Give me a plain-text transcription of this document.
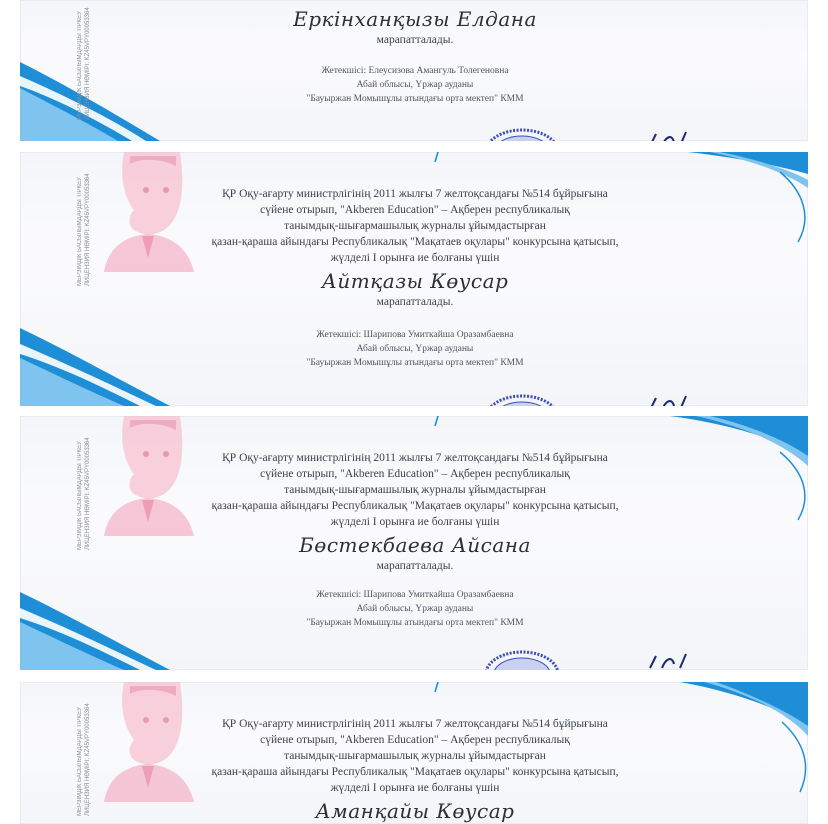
МЕРЗІМДІК БАСЫЛЫМДАРДЫ ТІРКЕУ ЛИЦЕНЗИЯ НӨМІРІ: KZ45VPY00053364	Еркінханқызы Елдана
марапатталады.
Жетекшісі: Елеусизова Амангуль Толегеновна
Абай облысы, Үржар ауданы
"Бауыржан Момышұлы атындағы орта мектеп" КММ
МЕРЗІМДІК БАСЫЛЫМДАРДЫ ТІРКЕУ ЛИЦЕНЗИЯ НӨМІРІ: KZ45VPY00053364	ҚР Оқу-ағарту министрлігінің 2011 жылғы 7 желтоқсандағы №514 бұйрығына
сүйене отырып, "Akberen Education" – Ақберен республикалық
танымдық-шығармашылық журналы ұйымдастырған
қазан-қараша айындағы Республикалық "Мақатаев оқулары" конкурсына қатысып,
жүлделі І орынға ие болғаны үшін
Айтқазы Көусар
марапатталады.
Жетекшісі: Шарипова Умиткайша Оразамбаевна
Абай облысы, Үржар ауданы
"Бауыржан Момышұлы атындағы орта мектеп" КММ
МЕРЗІМДІК БАСЫЛЫМДАРДЫ ТІРКЕУ ЛИЦЕНЗИЯ НӨМІРІ: KZ45VPY00053364	ҚР Оқу-ағарту министрлігінің 2011 жылғы 7 желтоқсандағы №514 бұйрығына
сүйене отырып, "Akberen Education" – Ақберен республикалық
танымдық-шығармашылық журналы ұйымдастырған
қазан-қараша айындағы Республикалық "Мақатаев оқулары" конкурсына қатысып,
жүлделі І орынға ие болғаны үшін
Бөстекбаева Айсана
марапатталады.
Жетекшісі: Шарипова Умиткайша Оразамбаевна
Абай облысы, Үржар ауданы
"Бауыржан Момышұлы атындағы орта мектеп" КММ
МЕРЗІМДІК БАСЫЛЫМДАРДЫ ТІРКЕУ ЛИЦЕНЗИЯ НӨМІРІ: KZ45VPY00053364	ҚР Оқу-ағарту министрлігінің 2011 жылғы 7 желтоқсандағы №514 бұйрығына
сүйене отырып, "Akberen Education" – Ақберен республикалық
танымдық-шығармашылық журналы ұйымдастырған
қазан-қараша айындағы Республикалық "Мақатаев оқулары" конкурсына қатысып,
жүлделі І орынға ие болғаны үшін
Аманқайы Көусар
